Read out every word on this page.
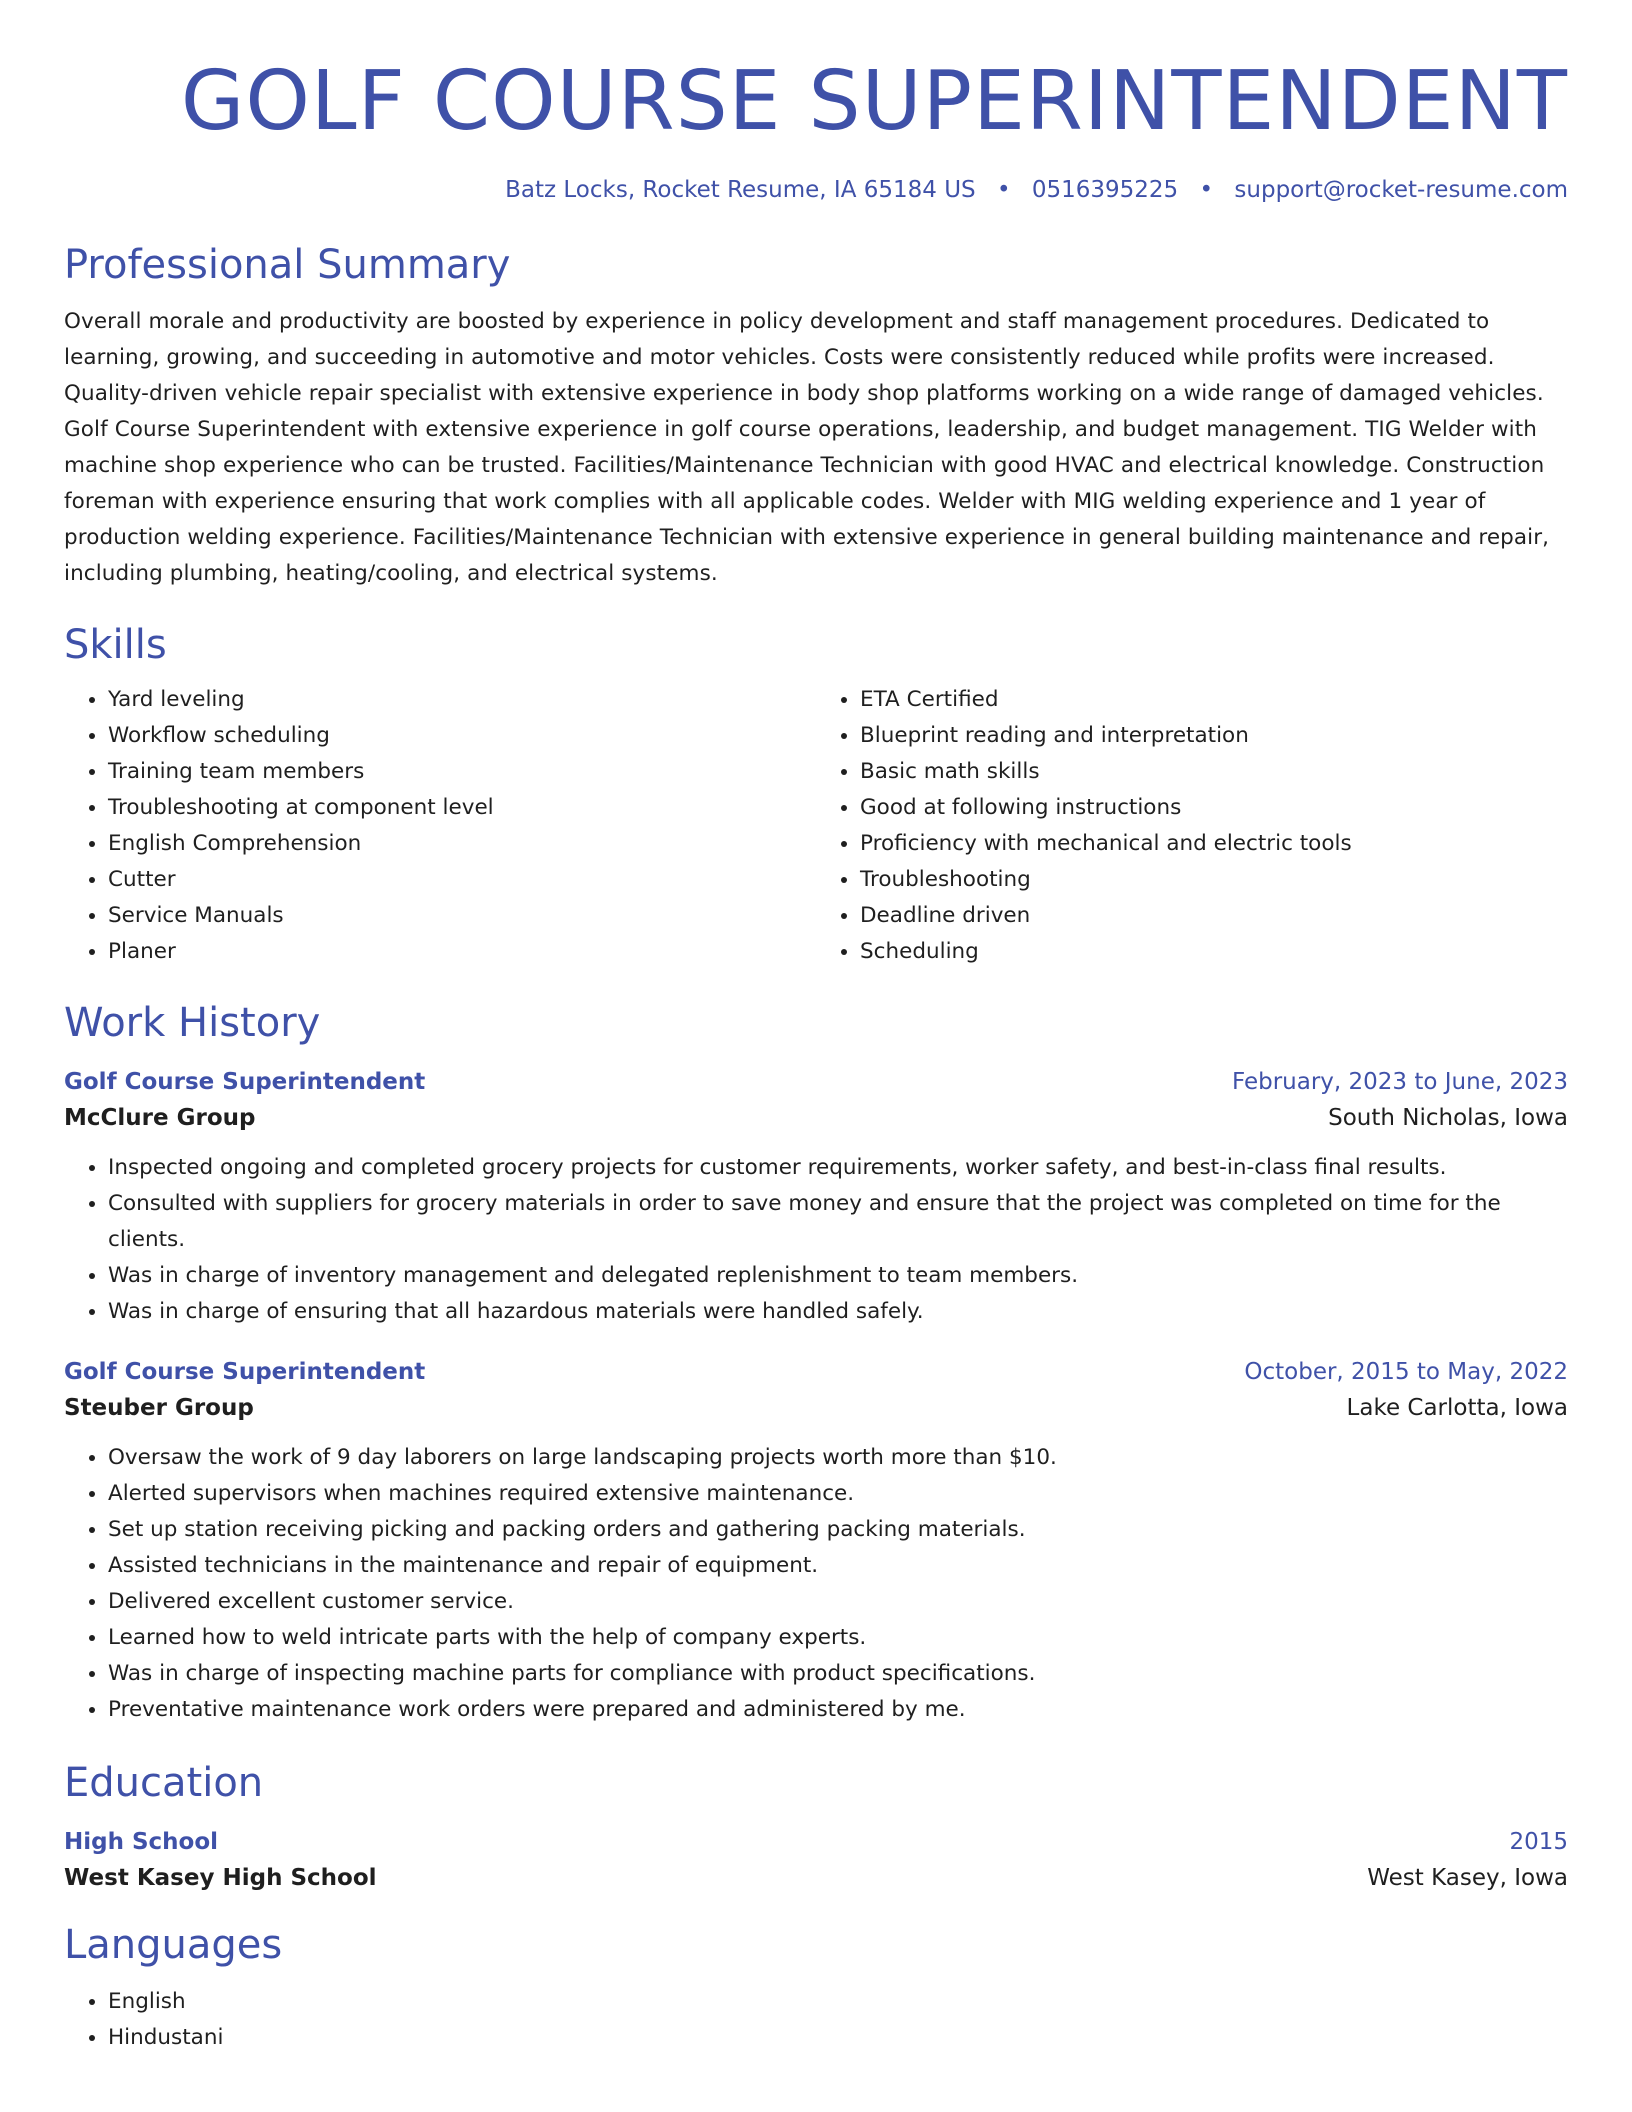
GOLF COURSE SUPERINTENDENT
Batz Locks, Rocket Resume, IA 65184 US • 0516395225 • support@rocket-resume.com
Professional Summary
Overall morale and productivity are boosted by experience in policy development and staff management procedures. Dedicated to learning, growing, and succeeding in automotive and motor vehicles. Costs were consistently reduced while profits were increased. Quality-driven vehicle repair specialist with extensive experience in body shop platforms working on a wide range of damaged vehicles. Golf Course Superintendent with extensive experience in golf course operations, leadership, and budget management. TIG Welder with machine shop experience who can be trusted. Facilities/Maintenance Technician with good HVAC and electrical knowledge. Construction foreman with experience ensuring that work complies with all applicable codes. Welder with MIG welding experience and 1 year of production welding experience. Facilities/Maintenance Technician with extensive experience in general building maintenance and repair, including plumbing, heating/cooling, and electrical systems.
Skills
• Yard leveling
• Workflow scheduling
• Training team members
• Troubleshooting at component level
• English Comprehension
• Cutter
• Service Manuals
• Planer
• ETA Certified
• Blueprint reading and interpretation
• Basic math skills
• Good at following instructions
• Proficiency with mechanical and electric tools
• Troubleshooting
• Deadline driven
• Scheduling
Work History
Golf Course Superintendent	February, 2023 to June, 2023
McClure Group	South Nicholas, Iowa
• Inspected ongoing and completed grocery projects for customer requirements, worker safety, and best-in-class final results.
• Consulted with suppliers for grocery materials in order to save money and ensure that the project was completed on time for the clients.
• Was in charge of inventory management and delegated replenishment to team members.
• Was in charge of ensuring that all hazardous materials were handled safely.
Golf Course Superintendent	October, 2015 to May, 2022
Steuber Group	Lake Carlotta, Iowa
• Oversaw the work of 9 day laborers on large landscaping projects worth more than $10.
• Alerted supervisors when machines required extensive maintenance.
• Set up station receiving picking and packing orders and gathering packing materials.
• Assisted technicians in the maintenance and repair of equipment.
• Delivered excellent customer service.
• Learned how to weld intricate parts with the help of company experts.
• Was in charge of inspecting machine parts for compliance with product specifications.
• Preventative maintenance work orders were prepared and administered by me.
Education
High School	2015
West Kasey High School	West Kasey, Iowa
Languages
• English
• Hindustani
